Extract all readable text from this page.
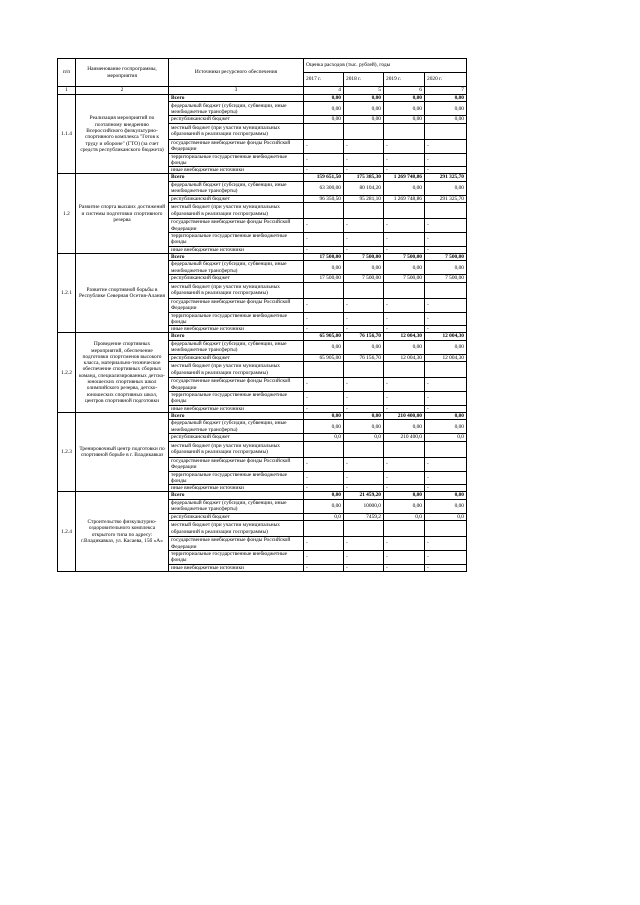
п/п	Наименование госпрограммы, мероприятия	Источники ресурсного обеспечения	Оценка расходов (тыс. рублей), годы			
			2017 г.	2018 г.	2019 г.	2020 г.
1	2	3	4	5	6	7
1.1.4	Реализация мероприятий по поэтапному внедрению Всероссийского физкультурно-спортивного комплекса "Готов к труду и обороне" (ГТО) (за счет средств республиканского бюджета)	Всего	0,00	0,00	0,00	0,00
		федеральный бюджет (субсидии, субвенции, иные межбюджетные трансферты)	0,00	0,00	0,00	0,00
		республиканский бюджет	0,00	0,00	0,00	0,00
		местный бюджет (при участии муниципальных образований в реализации госпрограммы)				
		государственные внебюджетные фонды Российской Федерации	-	-	-	-
		территориальные государственные внебюджетные фонды	-	-	-	-
		иные внебюджетные источники	-	-	-	-
1.2	Развитие спорта высших достижений и системы подготовки спортивного резерва	Всего	159 651,50	175 385,30	1 269 748,86	291 325,70
		федеральный бюджет (субсидии, субвенции, иные межбюджетные трансферты)	63 300,00	80 104,20	0,00	0,00
		республиканский бюджет	96 350,50	95 281,10	1 269 748,86	291 325,70
		местный бюджет (при участии муниципальных образований в реализации госпрограммы)				
		государственные внебюджетные фонды Российской Федерации	-	-	-	-
		территориальные государственные внебюджетные фонды	-	-	-	-
		иные внебюджетные источники	-	-	-	-
1.2.1	Развитие спортивной борьбы в Республике Северная Осетия-Алания	Всего	17 500,00	7 500,00	7 500,00	7 500,00
		федеральный бюджет (субсидии, субвенции, иные межбюджетные трансферты)	0,00	0,00	0,00	0,00
		республиканский бюджет	17 500,00	7 500,00	7 500,00	7 500,00
		местный бюджет (при участии муниципальных образований в реализации госпрограммы)				
		государственные внебюджетные фонды Российской Федерации	-	-	-	-
		территориальные государственные внебюджетные фонды	-	-	-	-
		иные внебюджетные источники	-	-	-	-
1.2.2	Проведение спортивных мероприятий, обеспечение подготовки спортсменов высокого класса, материально-техническое обеспечение спортивных сборных команд, специализированных детско-юношеских спортивных школ олимпийского резерва, детско-юношеских спортивных школ, центров спортивной подготовки	Всего	65 905,00	76 156,70	12 004,30	12 004,30
		федеральный бюджет (субсидии, субвенции, иные межбюджетные трансферты)	0,00	0,00	0,00	0,00
		республиканский бюджет	65 905,00	76 156,70	12 004,30	12 004,30
		местный бюджет (при участии муниципальных образований в реализации госпрограммы)				
		государственные внебюджетные фонды Российской Федерации	-	-	-	-
		территориальные государственные внебюджетные фонды	-	-	-	-
		иные внебюджетные источники	-	-	-	-
1.2.3	Тренировочный центр подготовки по спортивной борьбе в г. Владикавказ	Всего	0,00	0,00	210 400,00	0,00
		федеральный бюджет (субсидии, субвенции, иные межбюджетные трансферты)	0,00	0,00	0,00	0,00
		республиканский бюджет	0,0	0,0	210 400,0	0,0
		местный бюджет (при участии муниципальных образований в реализации госпрограммы)				
		государственные внебюджетные фонды Российской Федерации	-	-	-	-
		территориальные государственные внебюджетные фонды	-	-	-	-
		иные внебюджетные источники	-	-	-	-
1.2.4	Строительство физкультурно-оздоровительного комплекса открытого типа по адресу: г.Владикавказ, ул. Касаева, 15б «А»	Всего	0,00	21 459,20	0,00	0,00
		федеральный бюджет (субсидии, субвенции, иные межбюджетные трансферты)	0,00	10000,0	0,00	0,00
		республиканский бюджет	0,0	7459,2	0,0	0,0
		местный бюджет (при участии муниципальных образований в реализации госпрограммы)				
		государственные внебюджетные фонды Российской Федерации	-	-	-	-
		территориальные государственные внебюджетные фонды	-	-	-	-
		иные внебюджетные источники	-	-	-	-
